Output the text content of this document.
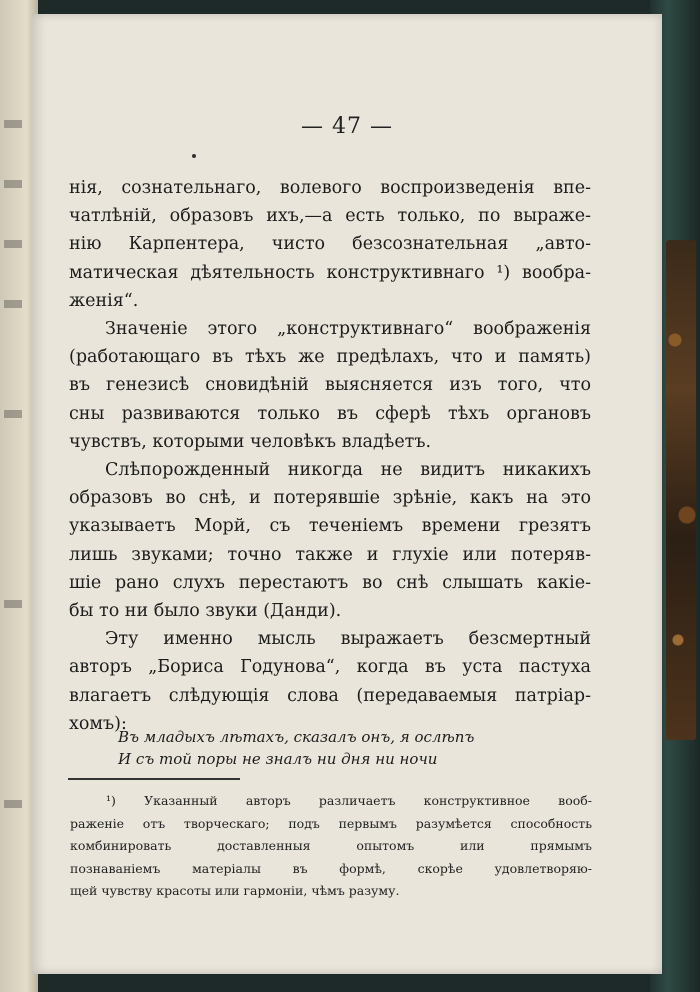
— 47 —
нія, сознательнаго, волевого воспроизведенія впе-
чатлѣній, образовъ ихъ,—а есть только, по выраже-
нію Карпентера, чисто безсознательная „авто-
матическая дѣятельность конструктивнаго ¹) вообра-
женія“.
Значеніе этого „конструктивнаго“ воображенія
(работающаго въ тѣхъ же предѣлахъ, что и память)
въ генезисѣ сновидѣній выясняется изъ того, что
сны развиваются только въ сферѣ тѣхъ органовъ
чувствъ, которыми человѣкъ владѣетъ.
Слѣпорожденный никогда не видитъ никакихъ
образовъ во снѣ, и потерявшіе зрѣніе, какъ на это
указываетъ Морй, съ теченіемъ времени грезятъ
лишь звуками; точно также и глухіе или потеряв-
шіе рано слухъ перестаютъ во снѣ слышать какіе-
бы то ни было звуки (Данди).
Эту именно мысль выражаетъ безсмертный
авторъ „Бориса Годунова“, когда въ уста пастуха
влагаетъ слѣдующія слова (передаваемыя патріар-
хомъ):
Въ младыхъ лѣтахъ, сказалъ онъ, я ослѣпъ
И съ той поры не зналъ ни дня ни ночи
¹) Указанный авторъ различаетъ конструктивное вооб-
раженіе отъ творческаго; подъ первымъ разумѣется способность
комбинировать доставленныя опытомъ или прямымъ
познаваніемъ матеріалы въ формѣ, скорѣе удовлетворяю-
щей чувству красоты или гармоніи, чѣмъ разуму.
